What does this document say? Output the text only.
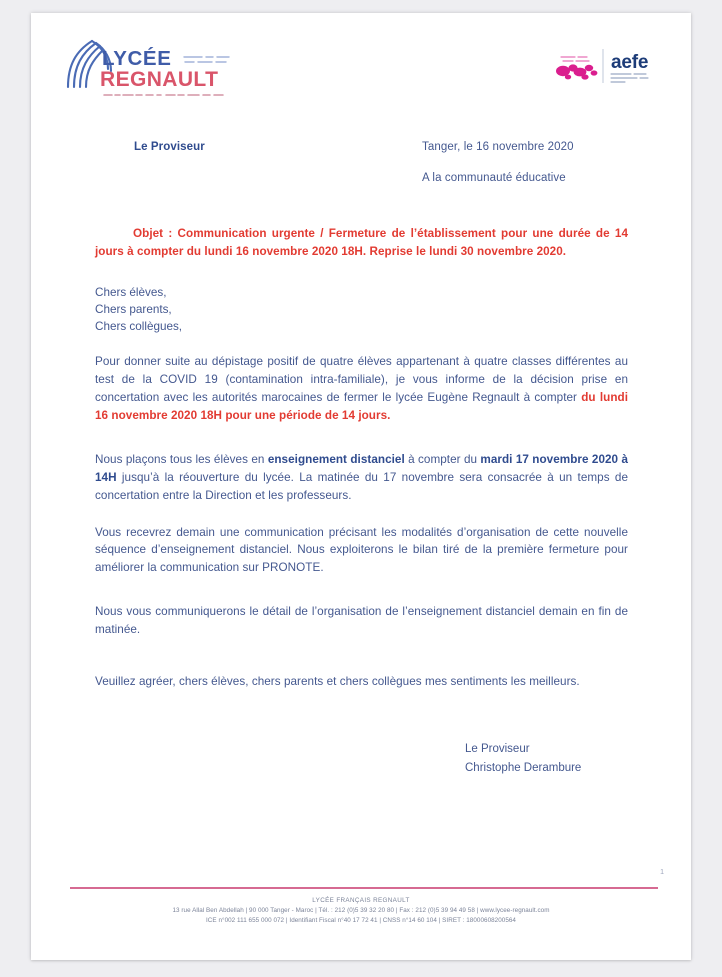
LYCÉE
REGNAULT
aefe
Le Proviseur	Tanger, le 16 novembre 2020
A la communauté éducative

Objet : Communication urgente / Fermeture de l’établissement pour une durée de 14 jours à compter du lundi 16 novembre 2020 18H. Reprise le lundi 30 novembre 2020.

Chers élèves,
Chers parents,
Chers collègues,

Pour donner suite au dépistage positif de quatre élèves appartenant à quatre classes différentes au test de la COVID 19 (contamination intra-familiale), je vous informe de la décision prise en concertation avec les autorités marocaines de fermer le lycée Eugène Regnault à compter du lundi 16 novembre 2020 18H pour une période de 14 jours.

Nous plaçons tous les élèves en enseignement distanciel à compter du mardi 17 novembre 2020 à 14H jusqu’à la réouverture du lycée. La matinée du 17 novembre sera consacrée à un temps de concertation entre la Direction et les professeurs.

Vous recevrez demain une communication précisant les modalités d’organisation de cette nouvelle séquence d’enseignement distanciel. Nous exploiterons le bilan tiré de la première fermeture pour améliorer la communication sur PRONOTE.

Nous vous communiquerons le détail de l’organisation de l’enseignement distanciel demain en fin de matinée.

Veuillez agréer, chers élèves, chers parents et chers collègues mes sentiments les meilleurs.

Le Proviseur
Christophe Derambure
1
LYCÉE FRANÇAIS REGNAULT
13 rue Allal Ben Abdellah | 90 000 Tanger - Maroc | Tél. : 212 (0)5 39 32 20 80 | Fax : 212 (0)5 39 94 49 58 | www.lycee-regnault.com
ICE n°002 111 655 000 072 | Identifiant Fiscal n°40 17 72 41 | CNSS n°14 60 104 | SIRET : 18000608200564
